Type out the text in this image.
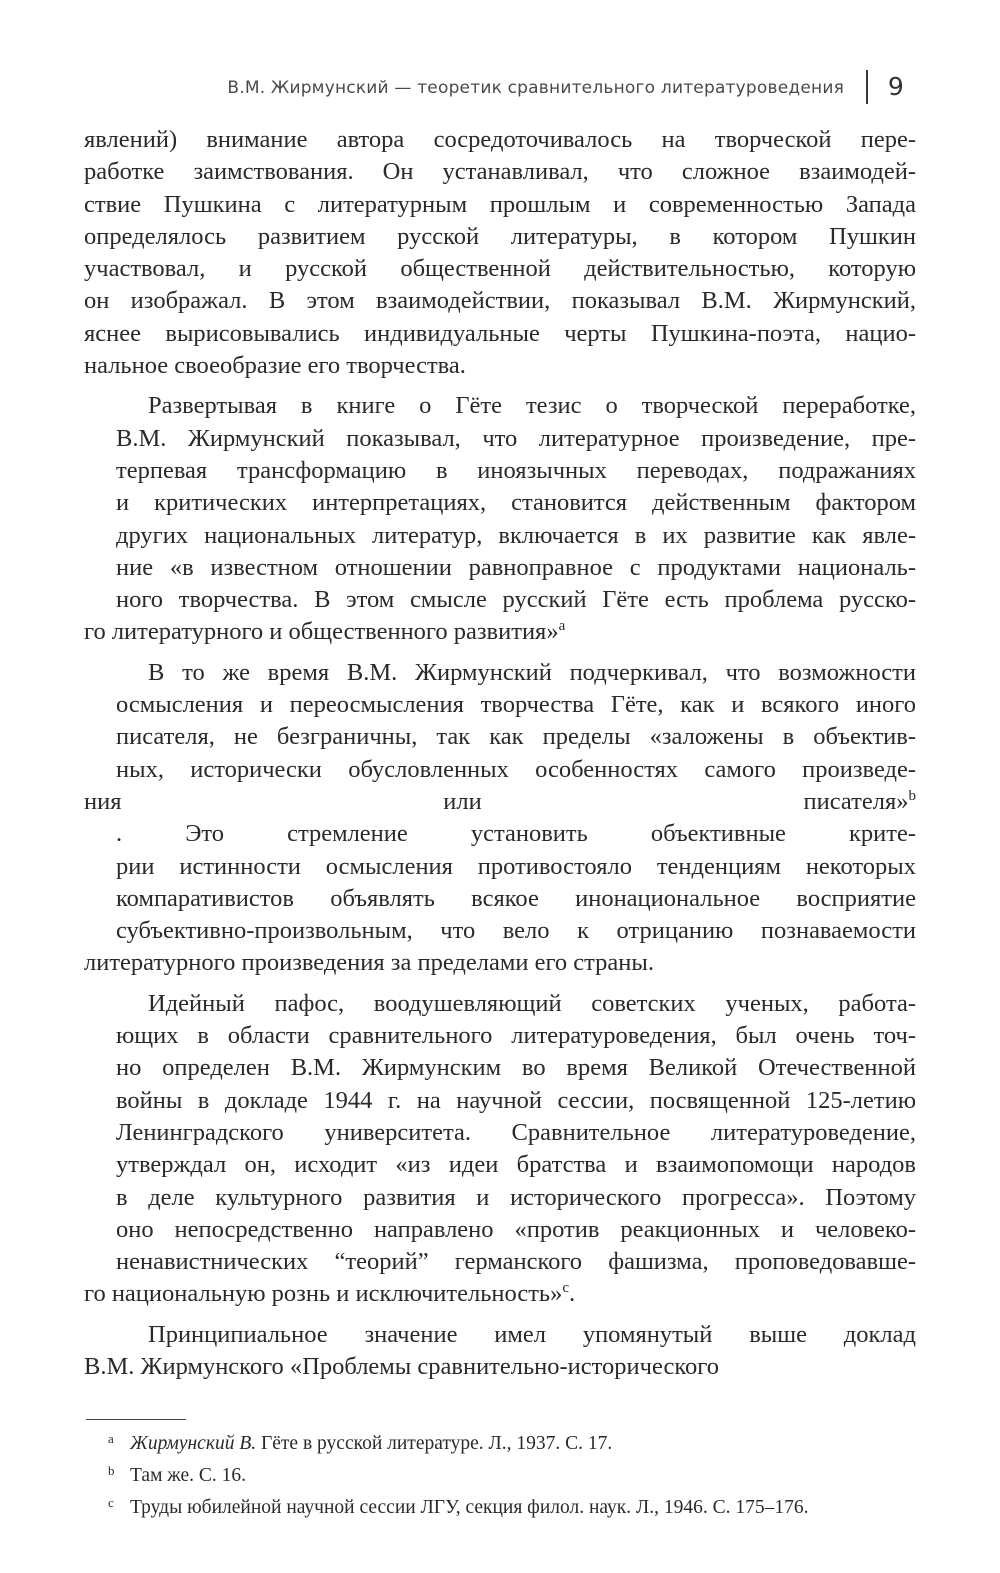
В.М. Жирмунский — теоретик сравнительного литературоведения 9

явлений) внимание автора сосредоточивалось на творческой пере-
работке заимствования. Он устанавливал, что сложное взаимодей-
ствие Пушкина с литературным прошлым и современностью Запада
определялось развитием русской литературы, в котором Пушкин
участвовал, и русской общественной действительностью, которую
он изображал. В этом взаимодействии, показывал В.М. Жирмунский,
яснее вырисовывались индивидуальные черты Пушкина-поэта, нацио-
нальное своеобразие его творчества.

Развертывая в книге о Гёте тезис о творческой переработке,
В.М. Жирмунский показывал, что литературное произведение, пре-
терпевая трансформацию в иноязычных переводах, подражаниях
и критических интерпретациях, становится действенным фактором
других национальных литератур, включается в их развитие как явле-
ние «в известном отношении равноправное с продуктами националь-
ного творчества. В этом смысле русский Гёте есть проблема русско-
го литературного и общественного развития»$^a$

В то же время В.М. Жирмунский подчеркивал, что возможности
осмысления и переосмысления творчества Гёте, как и всякого иного
писателя, не безграничны, так как пределы «заложены в объектив-
ных, исторически обусловленных особенностях самого произведе-
ния или писателя»$^b$. Это стремление установить объективные крите-
рии истинности осмысления противостояло тенденциям некоторых
компаративистов объявлять всякое инонациональное восприятие
субъективно-произвольным, что вело к отрицанию познаваемости
литературного произведения за пределами его страны.

Идейный пафос, воодушевляющий советских ученых, работа-
ющих в области сравнительного литературоведения, был очень точ-
но определен В.М. Жирмунским во время Великой Отечественной
войны в докладе 1944 г. на научной сессии, посвященной 125-летию
Ленинградского университета. Сравнительное литературоведение,
утверждал он, исходит «из идеи братства и взаимопомощи народов
в деле культурного развития и исторического прогресса». Поэтому
оно непосредственно направлено «против реакционных и человеко-
ненавистнических “теорий” германского фашизма, проповедовавше-
го национальную рознь и исключительность»$^c$.

Принципиальное значение имел упомянутый выше доклад
В.М. Жирмунского «Проблемы сравнительно-исторического

a Жирмунский В. Гёте в русской литературе. Л., 1937. С. 17.
b Там же. С. 16.
c Труды юбилейной научной сессии ЛГУ, секция филол. наук. Л., 1946. С. 175–176.
